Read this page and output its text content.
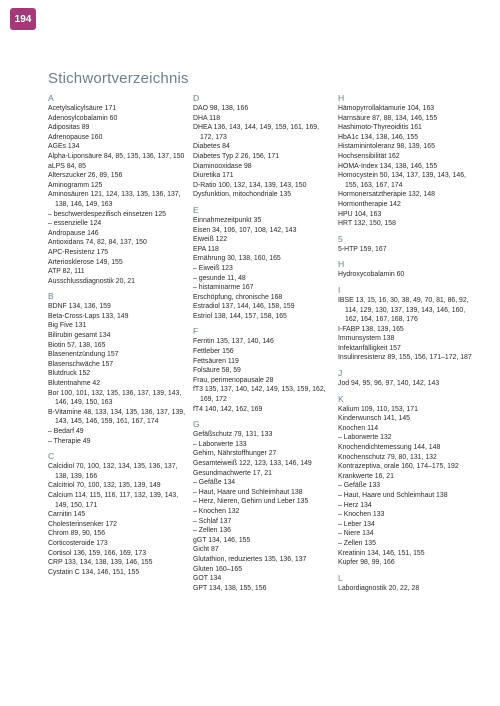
194
Stichwortverzeichnis
A
Acetylsalicylsäure 171
Adenosylcobalamin 60
Adipositas 89
Adrenopause 160
AGEs 134
Alpha-Liponsäure 84, 85, 135, 136, 137, 150
aLPS 84, 85
Alterszucker 26, 89, 156
Aminogramm 125
Aminosäuren 121, 124, 133, 135, 136, 137, 138, 146, 149, 163
– beschwerdespezifisch einsetzen 125
– essenzielle 124
Andropause 146
Antioxidans 74, 82, 84, 137, 150
APC-Resistenz 175
Arteriosklerose 149, 155
ATP 82, 111
Ausschlussdiagnostik 20, 21
B
BDNF 134, 136, 159
Beta-Cross-Laps 133, 149
Big Five 131
Bilirubin gesamt 134
Biotin 57, 138, 165
Blasenentzündung 157
Blasenschwäche 157
Blutdruck 152
Blutentnahme 42
Bor 100, 101, 132, 135, 136, 137, 139, 143, 146, 149, 150, 163
B-Vitamine 48, 133, 134, 135, 136, 137, 139, 143, 145, 146, 159, 161, 167, 174
– Bedarf 49
– Therapie 49
C
Calcidiol 70, 100, 132, 134, 135, 136, 137, 138, 139, 166
Calcitriol 70, 100, 132, 135, 139, 149
Calcium 114, 115, 116, 117, 132, 139, 143, 149, 150, 171
Carnitin 145
Cholesterinsenker 172
Chrom 89, 90, 156
Corticosteroide 173
Cortisol 136, 159, 166, 169, 173
CRP 133, 134, 138, 139, 146, 155
Cystatin C 134, 146, 151, 155
D
DAO 98, 138, 166
DHA 118
DHEA 136, 143, 144, 149, 159, 161, 169, 172, 173
Diabetes 84
Diabetes Typ 2 26, 156, 171
Diaminooxidase 98
Diuretika 171
D-Ratio 100, 132, 134, 139, 143, 150
Dysfunktion, mitochondriale 135
E
Einnahmezeitpunkt 35
Eisen 34, 106, 107, 108, 142, 143
Eiweiß 122
EPA 118
Ernährung 30, 138, 160, 165
– Eiweiß 123
– gesunde 11, 48
– histaminarme 167
Erschöpfung, chronische 168
Estradiol 137, 144, 146, 158, 159
Estriol 138, 144, 157, 158, 165
F
Ferritin 135, 137, 140, 146
Fettleber 156
Fettsäuren 119
Folsäure 58, 59
Frau, perimenopausale 28
fT3 135, 137, 140, 142, 149, 153, 159, 162, 169, 172
fT4 140, 142, 162, 169
G
Gefäßschutz 79, 131, 133
– Laborwerte 133
Gehirn, Nährstoffhunger 27
Gesamteiweiß 122, 123, 133, 146, 149
Gesundmachwerte 17, 21
– Gefäße 134
– Haut, Haare und Schleimhaut 138
– Herz, Nieren, Gehirn und Leber 135
– Knochen 132
– Schlaf 137
– Zellen 136
gGT 134, 146, 155
Gicht 87
Glutathion, reduziertes 135, 136, 137
Gluten 160–165
GOT 134
GPT 134, 138, 155, 156
H
Hämopyrrollaktamurie 104, 163
Harnsäure 87, 88, 134, 146, 155
Hashimoto-Thyreoiditis 161
HbA1c 134, 138, 146, 155
Histaminintoleranz 98, 139, 165
Hochsensibilität 162
HOMA-Index 134, 138, 146, 155
Homocystein 50, 134, 137, 139, 143, 146, 155, 163, 167, 174
Hormonersatztherapie 132, 148
Hormontherapie 142
HPU 104, 163
HRT 132, 150, 158
5
5-HTP 159, 167
H
Hydroxycobalamin 60
I
IBSE 13, 15, 16, 30, 38, 49, 70, 81, 86, 92, 114, 129, 130, 137, 139, 143, 146, 160, 162, 164, 167, 168, 176
I-FABP 138, 139, 165
Immunsystem 138
Infektanfälligkeit 157
Insulinresistenz 89, 155, 156, 171–172, 187
J
Jod 94, 95, 96, 97, 140, 142, 143
K
Kalium 109, 110, 153, 171
Kinderwunsch 141, 145
Knochen 114
– Laborwerte 132
Knochendichtemessung 144, 148
Knochenschutz 79, 80, 131, 132
Kontrazeptiva, orale 160, 174–175, 192
Krankwerte 16, 21
– Gefäße 133
– Haut, Haare und Schleimhaut 138
– Herz 134
– Knochen 133
– Leber 134
– Niere 134
– Zellen 135
Kreatinin 134, 146, 151, 155
Kupfer 98, 99, 166
L
Labordiagnostik 20, 22, 28
